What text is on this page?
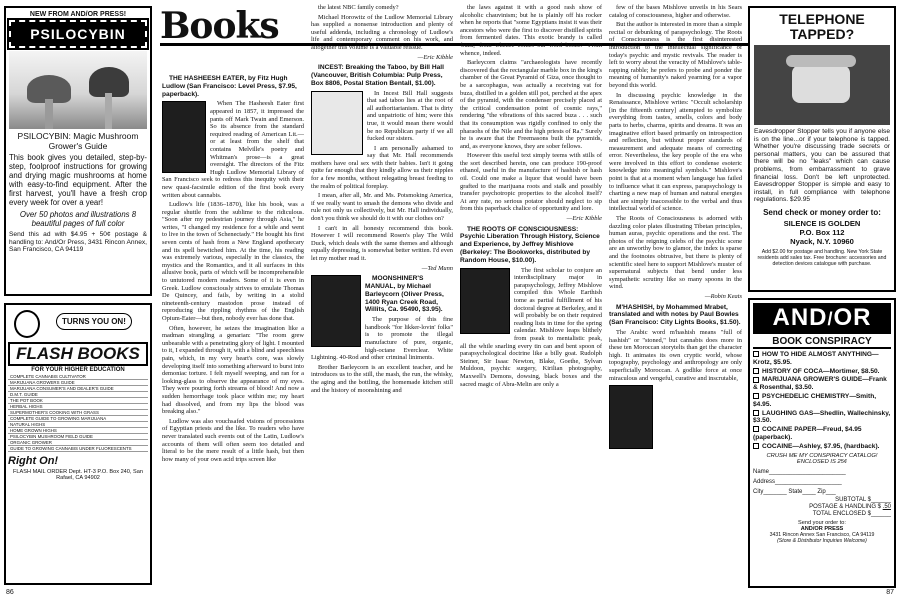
NEW FROM AND/OR PRESS!
PSILOCYBIN
PSILOCYBIN: Magic Mushroom Grower's Guide
This book gives you detailed, step-by-step, foolproof instructions for growing and drying magic mushrooms at home with easy-to-find equipment. After the first harvest, you'll have a fresh crop every week for over a year!
Over 50 photos and illustrations 8 beautiful pages of full color
Send this ad with $4.95 + 50¢ postage & handling to: And/Or Press, 3431 Rincon Annex, San Francisco, CA 94119
TURNS YOU ON!
FLASH BOOKS
FOR YOUR HIGHER EDUCATION
COMPLETE CANNABIS CULTIVATOR
MARIJUANA GROWERS GUIDE
MARIJUANA CONSUMER'S AND DEALER'S GUIDE
D.M.T. GUIDE
THE POT BOOK
HERBAL HIGHS
SUPERMOTHER'S COOKING WITH GRASS
COMPLETE GUIDE TO GROWING MARIJUANA
NATURAL HIGHS
HOME GROWN HIGHS
PSILOCYBIN MUSHROOM FIELD GUIDE
ORGANIC GROWER
GUIDE TO GROWING CANNABIS UNDER FLUORESCENTS
Right On!
FLASH MAIL ORDER Dept. HT-3 P.O. Box 240, San Rafael, CA 94902
86
Books

THE HASHEESH EATER, by Fitz Hugh Ludlow (San Francisco: Level Press, $7.95, paperback).

When The Hasheesh Eater first appeared in 1857, it impressed the pants off Mark Twain and Emerson. So its absence from the standard required reading of American Lit.—or at least from the shelf that contains Melville's poetry and Whitman's prose—is a great oversight. The directors of the Fitz Hugh Ludlow Memorial Library of San Francisco seek to redress this inequity with their new quasi-facsimile edition of the first book every written about cannabis.

Ludlow's life (1836–1870), like his book, was a regular shuttle from the sublime to the ridiculous. "Soon after my pedestrian journey through Asia," he writes, "I changed my residence for a while and went to live in the town of Schenectady." He bought his first seven cents of hash from a New England apothecary and its spell bewitched him. At the time, his reading was extremely various, especially in the classics, the mystics and the Romantics, and it all surfaces in this allusive book, parts of which will be incomprehensible to untutored modern readers. Some of it is even in Greek. Ludlow consciously strives to emulate Thomas De Quincey, and fails, by writing in a stolid nineteenth-century mastodon prose instead of reproducing the rippling rhythms of the English Opium-Eater—but then, nobody ever has done that.

Often, however, he seizes the imagination like a madman strangling a genarian: "The room grew unbearable with a penetrating glory of light. I mounted to it, I expanded through it, with a blind and speechless pain, which, in my very heart's core, was slowly developing itself into something afterward to burst into demoniac torture. I felt myself weeping, and ran for a looking-glass to observe the appearance of my eyes. They were pouring forth streams of blood! And now a sudden hemorrhage took place within me; my heart had dissolved, and from my lips the blood was breaking also."

Ludlow was also vouchsafed visions of processions of Egyptian priests and the like. To readers who have never translated such events out of the Latin, Ludlow's accounts of them will often seem too detailed and literal to be the mere result of a little hash, but then how many of your own acid trips screen like

the latest NBC family comedy?

Michael Horowitz of the Ludlow Memorial Library has supplied a nonsense introduction and plenty of useful addenda, including a chronology of Ludlow's life and contemporary comment on his work, and altogether this volume is a valuable reissue.

—Eric Kibble

INCEST: Breaking the Taboo, by Bill Hall (Vancouver, British Columbia: Pulp Press, Box 8806, Postal Station Bentall, $1.00).

In Incest Bill Hall suggests that sad taboo lies at the root of all authoritarianism. That is dirty and unpatriotic of him; were this true, it would mean there would be no Republican party if we all fucked our sisters.

I am personally ashamed to say that Mr. Hall recommends mothers have oral sex with their babies. Isn't it going quite far enough that they kindly allow us their nipples for a few months, without relegating breast feeding to the realm of political foreplay.

I mean, after all, Mr. and Ms. Potsmoking America, if we really want to smash the demons who divide and rule not only us collectively, but Mr. Hall individually, don't you think we should do it with our clothes on?

I can't in all honesty recommend this book. However I will recommend Rosen's play The Wild Duck, which deals with the same themes and although equally depressing, is somewhat better written. I'd even let my mother read it.

—Ted Munn

MOONSHINER'S MANUAL, by Michael Barleycorn (Oliver Press, 1400 Ryan Creek Road, Willits, Ca. 95490, $3.95).

The purpose of this fine handbook "for likker-lovin' folks" is to promote the illegal manufacture of pure, organic, high-octane Everclear. White Lightning. 40-Rod and other criminal liniments.

Brother Barleycorn is an excellent teacher, and he introduces us to the still, the mash, the run, the whisky, the aging and the bottling, the homemade kitchen still and the history of moonshining and

the laws against it with a good rash show of alcoholic chauvinism; but he is plainly off his rocker when he reports that "some Egyptians insist it was their ancestors who were the first to discover distilled spirits from fermented dates. This exotic brandy is called 'buza,' from whence comes our word booze." From whence, indeed.

Barleycorn claims "archaeologists have recently discovered that the rectangular marble box in the king's chamber of the Great Pyramid of Giza, once thought to be a sarcophagus, was actually a receiving vat for buza, distilled in a golden still pot, perched at the apex of the pyramid, with the condenser precisely placed at the critical condensation point of cosmic rays," rendering "the vibrations of this sacred buza . . . such that its consumption was rigidly confined to only the pharaohs of the Nile and the high priests of Ra." Surely he is aware that the Freemasons built the pyramids, and, as everyone knows, they are sober fellows.

However this useful text simply teems with stills of the sort described herein, one can produce 190-proof ethanol, useful in the manufacture of hashish or hash oil. Could one make a liquor that would have been grafted to the marijuana roots and stalk and possibly transfer psychotropic properties to the alcohol itself? At any rate, no serious potator should neglect to sip from this paperback chalice of opportunity and lore.

—Eric Kibble

THE ROOTS OF CONSCIOUSNESS: Psychic Liberation Through History, Science and Experience, by Jeffrey Mishlove (Berkeley: The Bookworks, distributed by Random House, $10.00).

The first scholar to conjure an interdisciplinary major in parapsychology, Jeffrey Mishlove compiled this Whole Earthish tome as partial fulfillment of his doctoral degree at Berkeley, and it will probably be on their required reading lists in time for the spring calendar. Mishlove leaps blithely from pseak to mentalistic peak, all the while snarling every tin can and bent spoon of parapsychological doctrine like a billy goat. Rudolph Steiner, Sir Isaac Newton, Blake, Goethe, Sylvan Muldoon, psychic surgery, Kirilian photography, Maxwell's Demons, dowsing, black boxes and the sacred magic of Abra-Melin are only a

few of the bases Mishlove unveils in his Sears catalog of consciousness, higher and otherwise.

But the author is interested in more than a simple recital or debunking of parapsychology. The Roots of Consciousness is the first disinterested introduction to the intellectual significance of today's psychic and mystic revivals. The reader is left to worry about the veracity of Mishlove's table-rapping rabble; he prefers to probe and ponder the meaning of humanity's naked yearning for a vapor beyond this world.

In discussing psychic knowledge in the Renaissance, Mishlove writes: "Occult scholarship [in the fifteenth century] attempted to symbolize everything from tastes, smells, colors and body parts to herbs, charms, spirits and dreams. It was an imaginative effort based primarily on introspection and reflection, but without proper standards of measurement and adequate means of correcting error. Nevertheless, the key people of the era who were involved in this effort to condense esoteric knowledge into meaningful symbols." Mishlove's point is that at a moment when language has failed to influence what it can express, parapsychology is charting a new map of human and natural energies that are simply inaccessible to the verbal and thus intellectual world of science.

The Roots of Consciousness is adorned with dazzling color plates illustrating Tibetan principles, human auras, psychic operations and the rest. The photos of the reigning celebs of the psychic scene are an unworthy bow to glamor, the index is sparse and the footnotes obtrusive, but there is plenty of scientific steel here to support Mishlove's muster of supernatural subjects that bend under less sympathetic scrutiny like so many spoons in the wind.

—Robin Keats

M'HASHISH, by Mohammed Mrabet, translated and with notes by Paul Bowles (San Francisco: City Lights Books, $1.50).

The Arabic word m'hashish means "full of hashish" or "stoned," but cannabis does more in these ten Moroccan storytelts than get the character high. It animates its own cryptic world, whose topography, psychology and anthropology are only superficially Moroccan. A godlike force at once miraculous and vengeful, curative and inscrutable,

TELEPHONE TAPPED?
Eavesdropper Stopper tells you if anyone else is on the line...or if your telephone is tapped. Whether you're discussing trade secrets or personal matters, you can be assured that there will be no "leaks" which can cause problems, from embarrassment to grave financial loss. Don't be left unprotected. Eavesdropper Stopper is simple and easy to install, in full compliance with telephone regulations. $29.95
Send check or money order to:
SILENCE IS GOLDEN
P.O. Box 112
Nyack, N.Y. 10960
Add $2.00 for postage and handling. New York State residents add sales tax. Free brochure: accessories and detection devices catalogue with purchase.
AND/OR
BOOK CONSPIRACY
HOW TO HIDE ALMOST ANYTHING—Krotz, $5.95.
HISTORY OF COCA—Mortimer, $8.50.
MARIJUANA GROWER'S GUIDE—Frank & Rosenthal, $3.50.
PSYCHEDELIC CHEMISTRY—Smith, $4.95.
LAUGHING GAS—Shedlin, Wallechinsky, $3.50.
COCAINE PAPER—Freud, $4.95 (paperback).
COCAINE—Ashley, $7.95, (hardback).
CRUSH ME MY CONSPIRACY CATALOG! ENCLOSED IS 25¢
Name_______________________
Address____________________
City_______ State____ Zip___
SUBTOTAL $______
POSTAGE & HANDLING $ .50
TOTAL ENCLOSED $______
Send your order to:
AND/OR PRESS
3431 Rincon Annex San Francisco, CA 94119
(Store & Distributor Inquiries Welcome)
87
